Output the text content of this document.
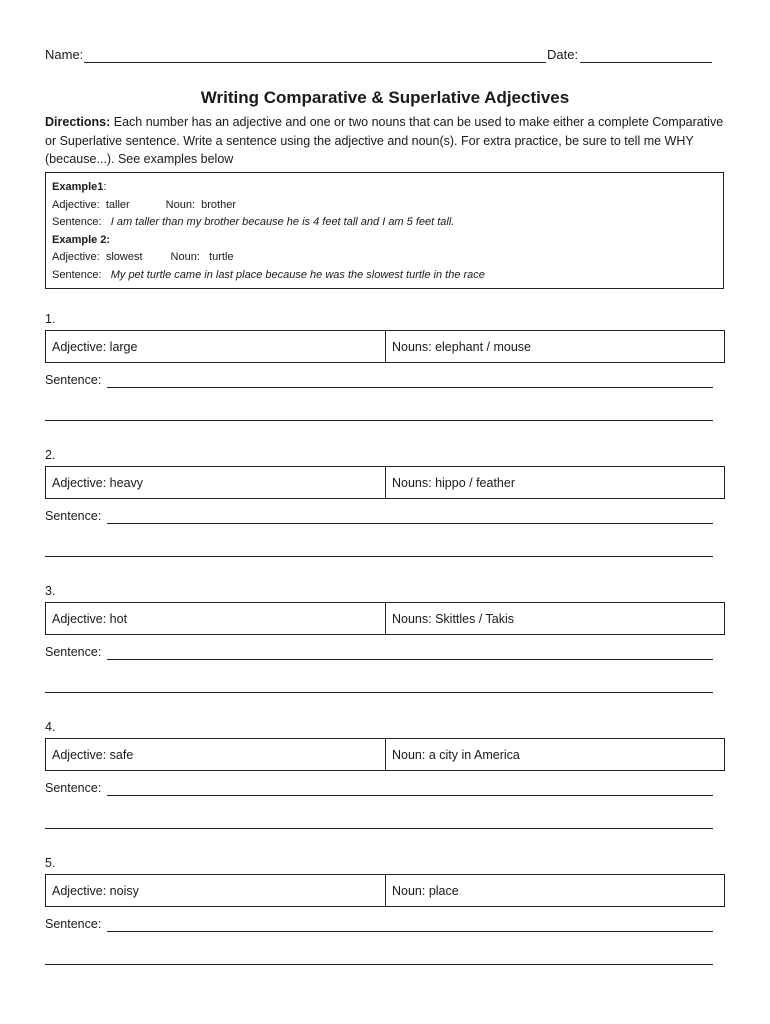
Name:	Date:
Writing Comparative & Superlative Adjectives
Directions: Each number has an adjective and one or two nouns that can be used to make either a complete Comparative or Superlative sentence. Write a sentence using the adjective and noun(s). For extra practice, be sure to tell me WHY (because...). See examples below
Example1:
Adjective: taller	Noun: brother
Sentence: I am taller than my brother because he is 4 feet tall and I am 5 feet tall.
Example 2:
Adjective: slowest	Noun: turtle
Sentence: My pet turtle came in last place because he was the slowest turtle in the race
1.
Adjective: large	Nouns: elephant / mouse
Sentence:
2.
Adjective: heavy	Nouns: hippo / feather
Sentence:
3.
Adjective: hot	Nouns: Skittles / Takis
Sentence:
4.
Adjective: safe	Noun: a city in America
Sentence:
5.
Adjective: noisy	Noun: place
Sentence:
